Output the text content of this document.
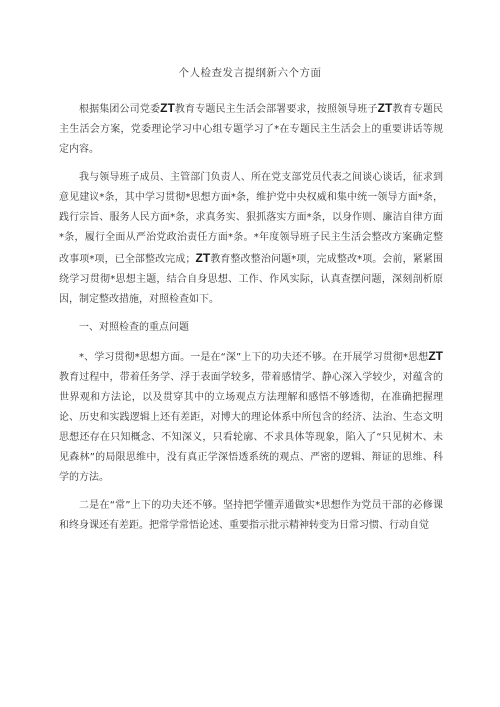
个人检查发言提纲新六个方面

根据集团公司党委ZT教育专题民主生活会部署要求，按照领导班子ZT教育专题民主生活会方案，党委理论学习中心组专题学习了*在专题民主生活会上的重要讲话等规定内容。

我与领导班子成员、主管部门负责人、所在党支部党员代表之间谈心谈话，征求到意见建议*条，其中学习贯彻*思想方面*条，维护党中央权威和集中统一领导方面*条，践行宗旨、服务人民方面*条，求真务实、狠抓落实方面*条，以身作则、廉洁自律方面*条，履行全面从严治党政治责任方面*条。*年度领导班子民主生活会整改方案确定整改事项*项，已全部整改完成；ZT教育整改整治问题*项，完成整改*项。会前，紧紧围绕学习贯彻*思想主题，结合自身思想、工作、作风实际，认真查摆问题，深刻剖析原因，制定整改措施，对照检查如下。

一、对照检查的重点问题

*、学习贯彻*思想方面。一是在“深”上下的功夫还不够。在开展学习贯彻*思想ZT教育过程中，带着任务学、浮于表面学较多，带着感情学、静心深入学较少，对蕴含的世界观和方法论，以及贯穿其中的立场观点方法理解和感悟不够透彻，在准确把握理论、历史和实践逻辑上还有差距，对博大的理论体系中所包含的经济、法治、生态文明思想还存在只知概念、不知深义，只看轮廓、不求具体等现象，陷入了“只见树木、未见森林”的局限思维中，没有真正学深悟透系统的观点、严密的逻辑、辩证的思维、科学的方法。

二是在“常”上下的功夫还不够。坚持把学懂弄通做实*思想作为党员干部的必修课和终身课还有差距。把常学常悟论述、重要指示批示精神转变为日常习惯、行动自觉
